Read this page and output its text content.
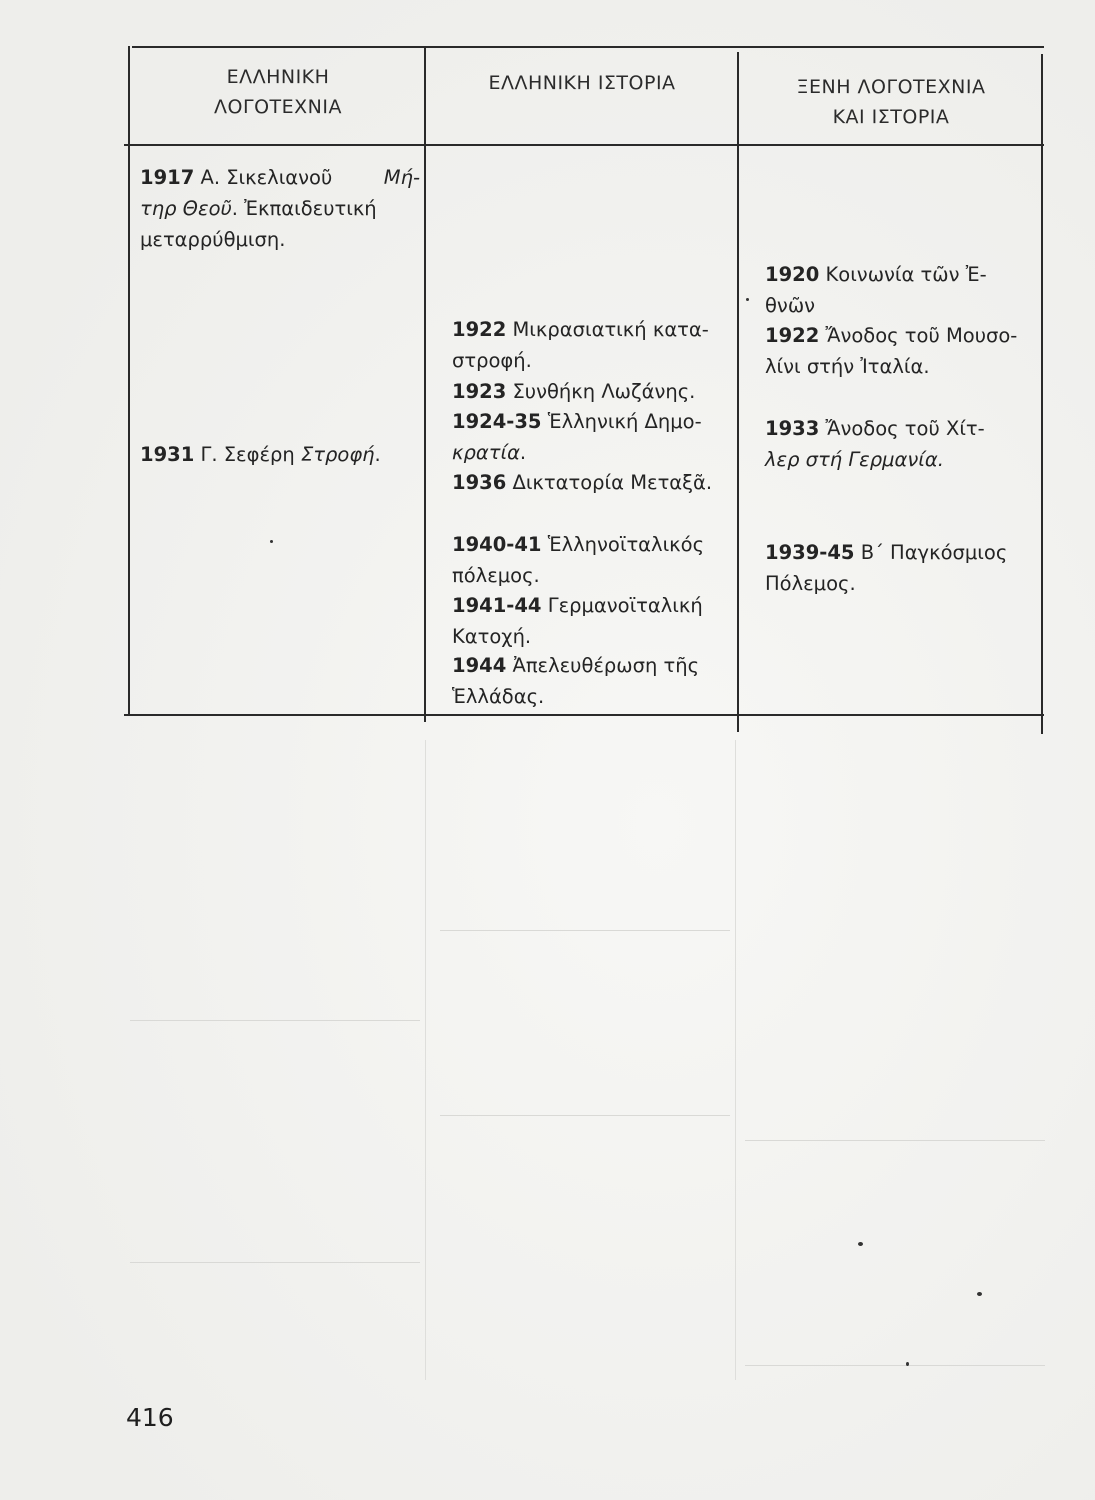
ΕΛΛΗΝΙΚΗ
ΛΟΓΟΤΕΧΝΙΑ
ΕΛΛΗΝΙΚΗ ΙΣΤΟΡΙΑ	ΞΕΝΗ ΛΟΓΟΤΕΧΝΙΑ
ΚΑΙ ΙΣΤΟΡΙΑ
1917 Α. Σικελιανοῦ	Μή-
τηρ Θεοῦ. Ἐκπαιδευτική
μεταρρύθμιση.
1931 Γ. Σεφέρη Στροφή.
1922 Μικρασιατική κατα-
στροφή.
1923 Συνθήκη Λωζάνης.
1924-35 Ἑλληνική Δημο-
κρατία.
1936 Δικτατορία Μεταξᾶ.
1940-41 Ἑλληνοϊταλικός
πόλεμος.
1941-44 Γερμανοϊταλική
Κατοχή.
1944 Ἀπελευθέρωση τῆς
Ἑλλάδας.
1920 Κοινωνία τῶν Ἐ-
θνῶν
1922 Ἄνοδος τοῦ Μουσο-
λίνι στήν Ἰταλία.
1933 Ἄνοδος τοῦ Χίτ-
λερ στή Γερμανία.
1939-45 Β΄ Παγκόσμιος
Πόλεμος.
416
